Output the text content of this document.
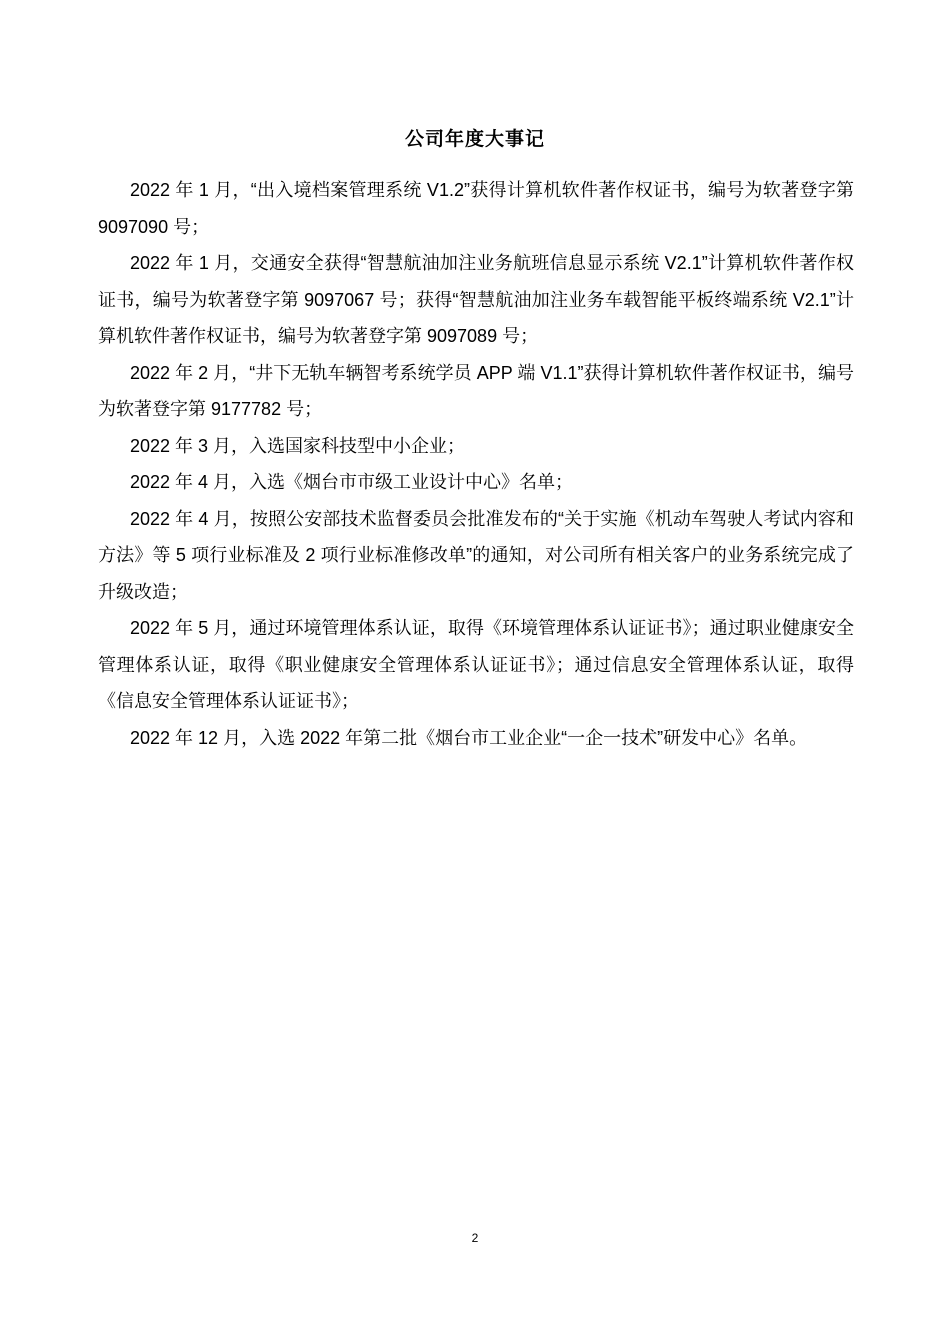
公司年度大事记

2022 年 1 月，“出入境档案管理系统 V1.2”获得计算机软件著作权证书，编号为软著登字第 9097090 号；

2022 年 1 月，交通安全获得“智慧航油加注业务航班信息显示系统 V2.1”计算机软件著作权证书，编号为软著登字第 9097067 号；获得“智慧航油加注业务车载智能平板终端系统 V2.1”计算机软件著作权证书，编号为软著登字第 9097089 号；

2022 年 2 月，“井下无轨车辆智考系统学员 APP 端 V1.1”获得计算机软件著作权证书，编号为软著登字第 9177782 号；

2022 年 3 月，入选国家科技型中小企业；

2022 年 4 月，入选《烟台市市级工业设计中心》名单；

2022 年 4 月，按照公安部技术监督委员会批准发布的“关于实施《机动车驾驶人考试内容和方法》等 5 项行业标准及 2 项行业标准修改单”的通知，对公司所有相关客户的业务系统完成了升级改造；

2022 年 5 月，通过环境管理体系认证，取得《环境管理体系认证证书》；通过职业健康安全管理体系认证，取得《职业健康安全管理体系认证证书》；通过信息安全管理体系认证，取得《信息安全管理体系认证证书》；

2022 年 12 月，入选 2022 年第二批《烟台市工业企业“一企一技术”研发中心》名单。

2
